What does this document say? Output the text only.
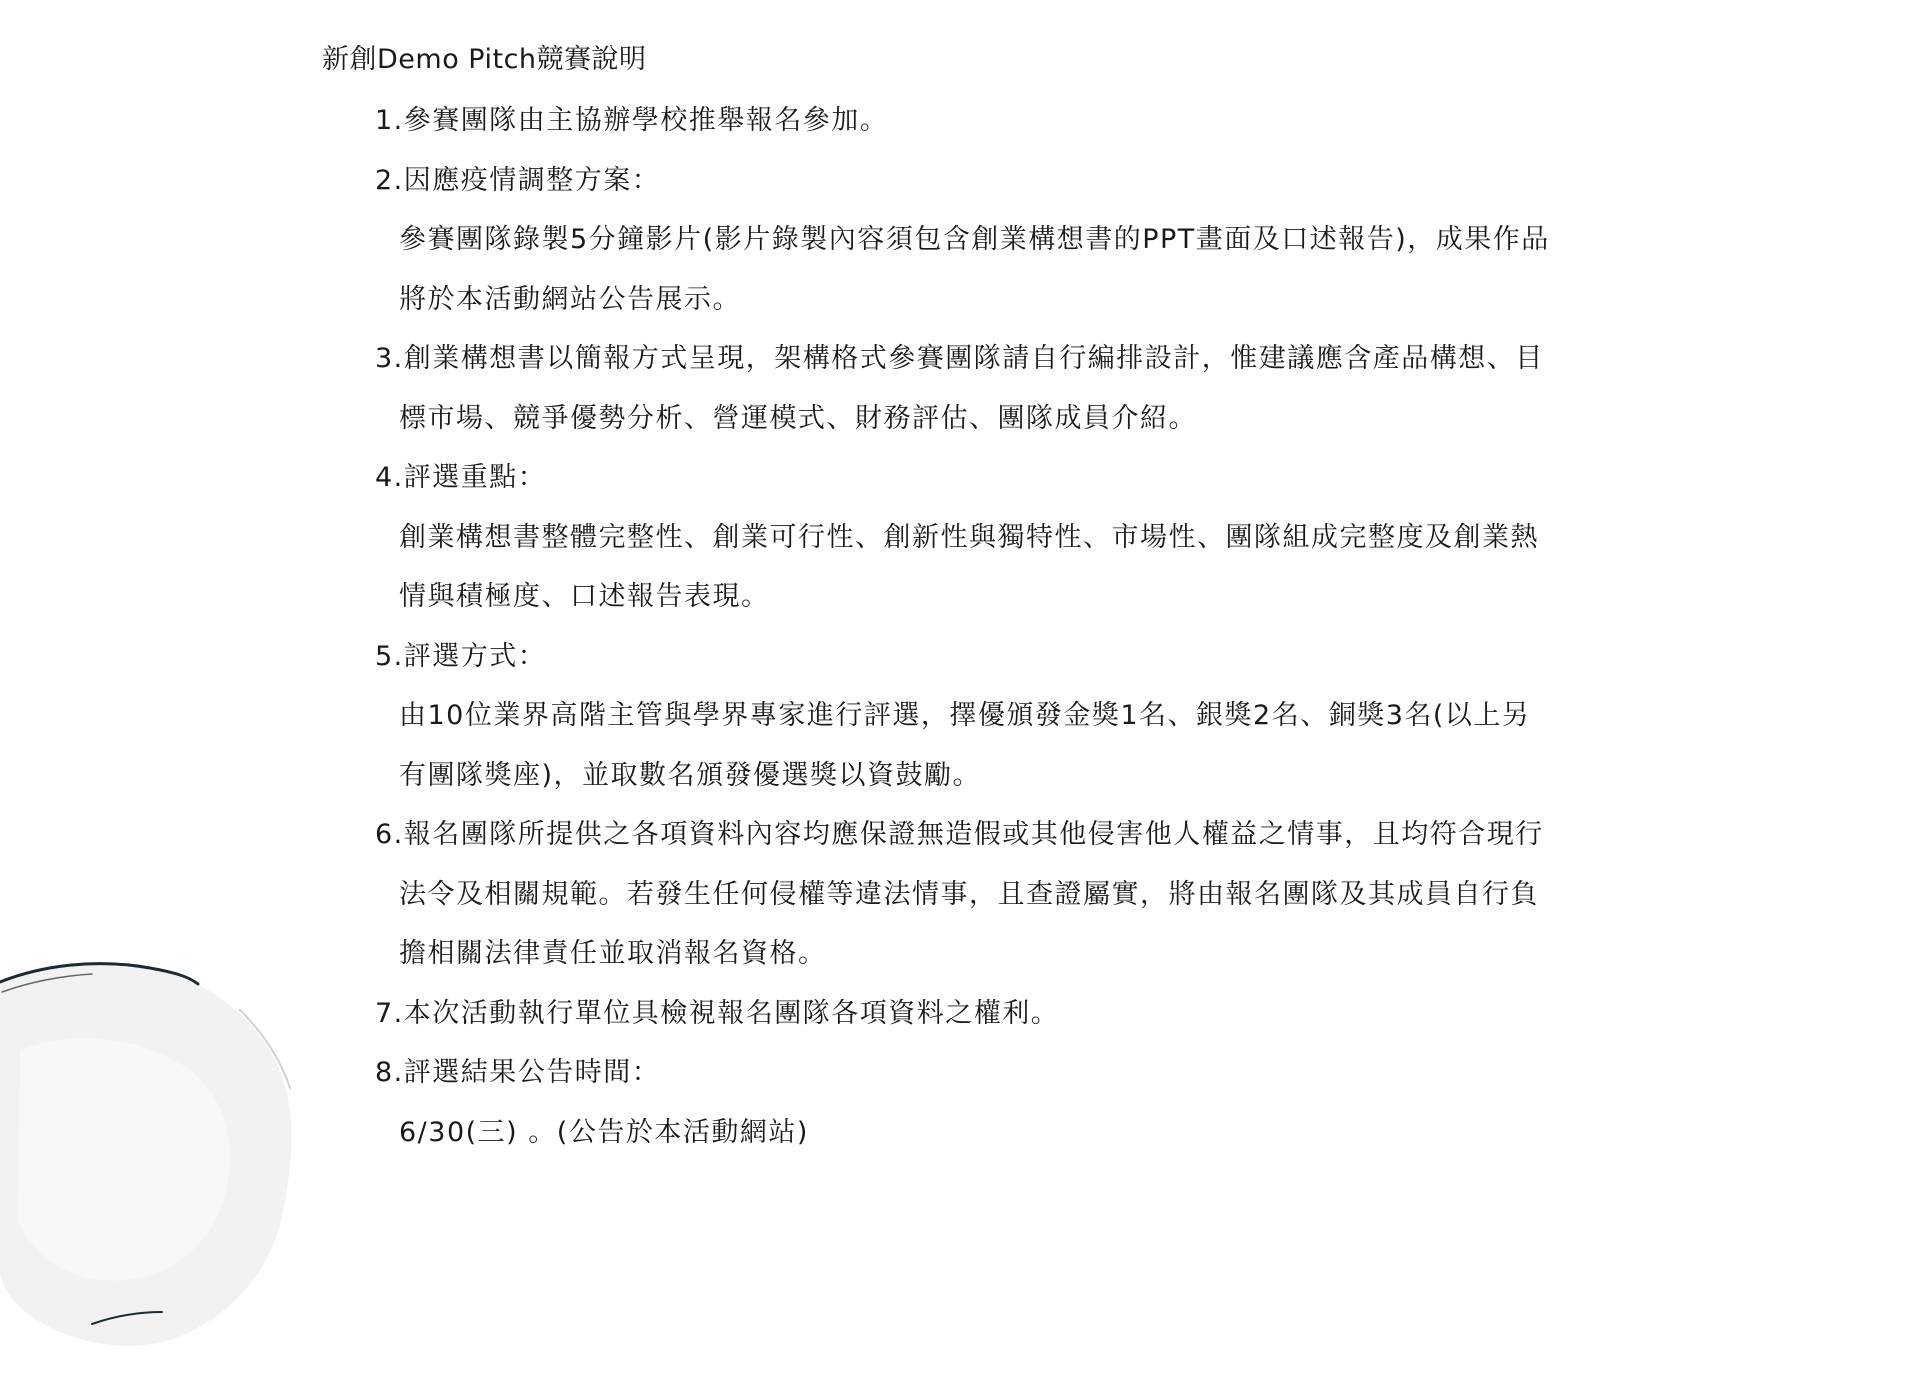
新創Demo Pitch競賽說明
1.參賽團隊由主協辦學校推舉報名參加。
2.因應疫情調整方案：
參賽團隊錄製5分鐘影片(影片錄製內容須包含創業構想書的PPT畫面及口述報告)，成果作品
將於本活動網站公告展示。
3.創業構想書以簡報方式呈現，架構格式參賽團隊請自行編排設計，惟建議應含產品構想、目
標市場、競爭優勢分析、營運模式、財務評估、團隊成員介紹。
4.評選重點：
創業構想書整體完整性、創業可行性、創新性與獨特性、市場性、團隊組成完整度及創業熱
情與積極度、口述報告表現。
5.評選方式：
由10位業界高階主管與學界專家進行評選，擇優頒發金獎1名、銀獎2名、銅獎3名(以上另
有團隊獎座)，並取數名頒發優選獎以資鼓勵。
6.報名團隊所提供之各項資料內容均應保證無造假或其他侵害他人權益之情事，且均符合現行
法令及相關規範。若發生任何侵權等違法情事，且查證屬實，將由報名團隊及其成員自行負
擔相關法律責任並取消報名資格。
7.本次活動執行單位具檢視報名團隊各項資料之權利。
8.評選結果公告時間：
6/30(三) 。(公告於本活動網站)
